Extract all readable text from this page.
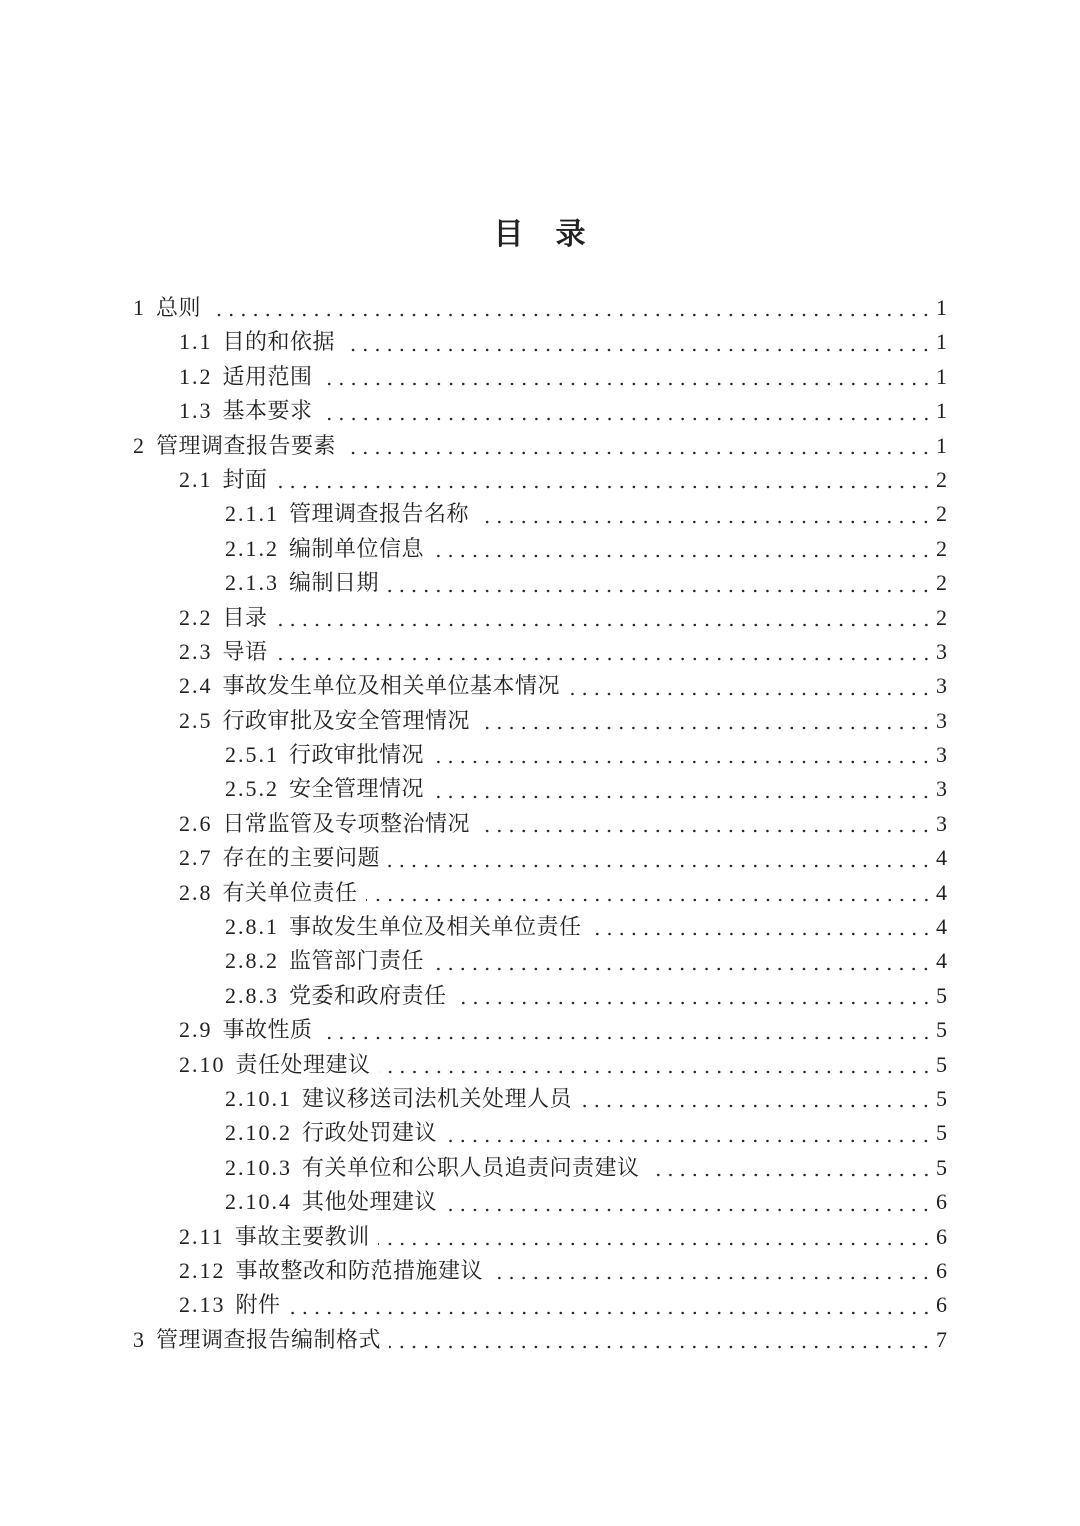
目　录
1 总则	1
1.1 目的和依据	1
1.2 适用范围	1
1.3 基本要求	1
2 管理调查报告要素	1
2.1 封面	2
2.1.1 管理调查报告名称	2
2.1.2 编制单位信息	2
2.1.3 编制日期	2
2.2 目录	2
2.3 导语	3
2.4 事故发生单位及相关单位基本情况	3
2.5 行政审批及安全管理情况	3
2.5.1 行政审批情况	3
2.5.2 安全管理情况	3
2.6 日常监管及专项整治情况	3
2.7 存在的主要问题	4
2.8 有关单位责任	4
2.8.1 事故发生单位及相关单位责任	4
2.8.2 监管部门责任	4
2.8.3 党委和政府责任	5
2.9 事故性质	5
2.10 责任处理建议	5
2.10.1 建议移送司法机关处理人员	5
2.10.2 行政处罚建议	5
2.10.3 有关单位和公职人员追责问责建议	5
2.10.4 其他处理建议	6
2.11 事故主要教训	6
2.12 事故整改和防范措施建议	6
2.13 附件	6
3 管理调查报告编制格式	7
